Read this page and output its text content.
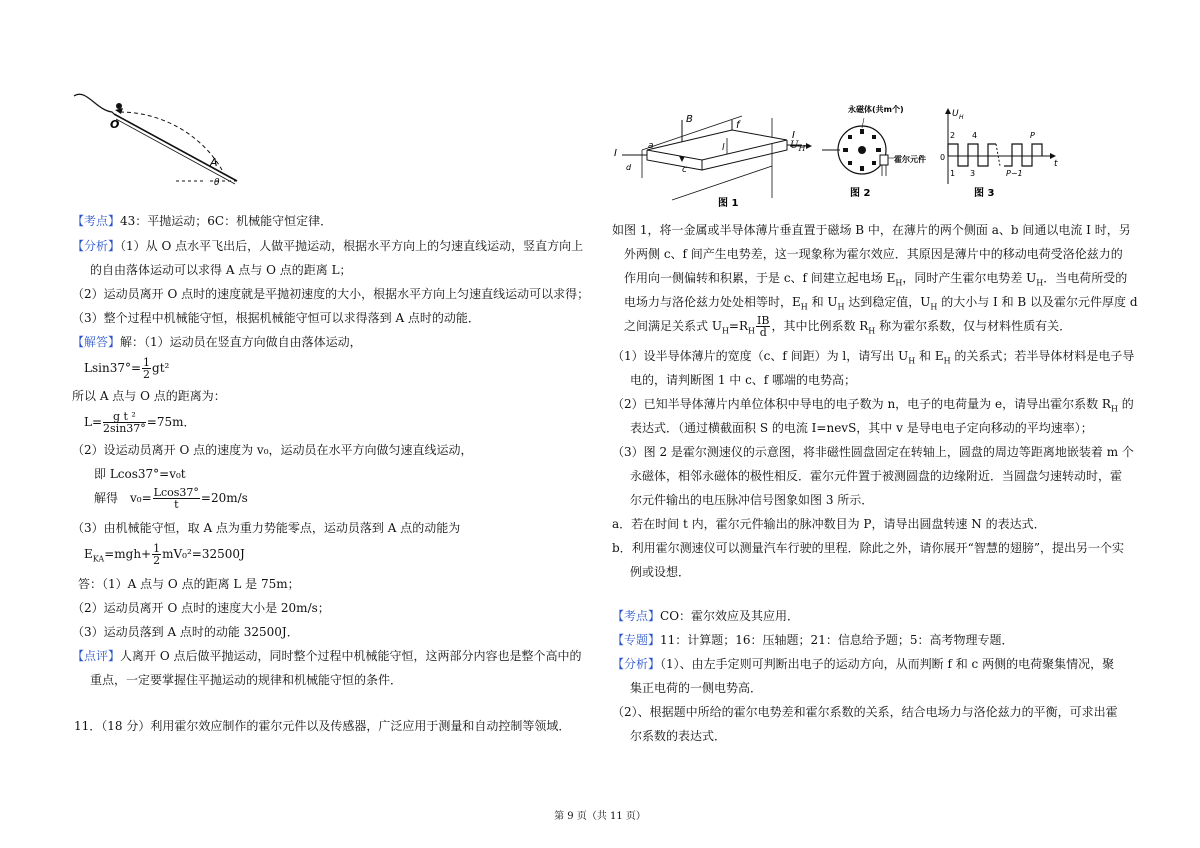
O
A
θ
【考点】43：平抛运动；6C：机械能守恒定律．
【分析】（1）从 O 点水平飞出后，人做平抛运动，根据水平方向上的匀速直线运动，竖直方向上
的自由落体运动可以求得 A 点与 O 点的距离 L；
（2）运动员离开 O 点时的速度就是平抛初速度的大小，根据水平方向上匀速直线运动可以求得；
（3）整个过程中机械能守恒，根据机械能守恒可以求得落到 A 点时的动能．
【解答】解：（1）运动员在竖直方向做自由落体运动，
$Lsin37^\circ= \frac{1}{2} gt^2$
所以 A 点与 O 点的距离为：
$L= \frac{\text{g t ²}}{2\sin 37^\circ} =75m$．
（2）设运动员离开 O 点的速度为 v₀，运动员在水平方向做匀速直线运动，
即 Lcos37°=v₀t
解得　$v_0= \frac{Lcos37^\circ}{t} =20m/s$
（3）由机械能守恒，取 A 点为重力势能零点，运动员落到 A 点的动能为
$E_{KA}=mgh+ \frac{1}{2} mV_0^2=32500J$
答：（1）A 点与 O 点的距离 L 是 75m；
（2）运动员离开 O 点时的速度大小是 20m/s；
（3）运动员落到 A 点时的动能 32500J．
【点评】人离开 O 点后做平抛运动，同时整个过程中机械能守恒，这两部分内容也是整个高中的
重点，一定要掌握住平抛运动的规律和机械能守恒的条件．
11．（18 分）利用霍尔效应制作的霍尔元件以及传感器，广泛应用于测量和自动控制等领域．
B
f
I
a	l
I
d	c
图 1
$U_H$
永磁体(共m个)
霍尔元件
图 2
U H
t
0
2 4	P
1 3	P−1
图 3
如图 1，将一金属或半导体薄片垂直置于磁场 B 中，在薄片的两个侧面 a、b 间通以电流 I 时，另
外两侧 c、f 间产生电势差，这一现象称为霍尔效应．其原因是薄片中的移动电荷受洛伦兹力的
作用向一侧偏转和积累，于是 c、f 间建立起电场 $E_H$，同时产生霍尔电势差 $U_H$．当电荷所受的
电场力与洛伦兹力处处相等时，$E_H$ 和 $U_H$ 达到稳定值，$U_H$ 的大小与 I 和 B 以及霍尔元件厚度 d
之间满足关系式 $U_H=R_H \frac{IB}{d}$ ，其中比例系数 $R_H$ 称为霍尔系数，仅与材料性质有关．
（1）设半导体薄片的宽度（c、f 间距）为 l，请写出 $U_H$ 和 $E_H$ 的关系式；若半导体材料是电子导
电的，请判断图 1 中 c、f 哪端的电势高；
（2）已知半导体薄片内单位体积中导电的电子数为 n，电子的电荷量为 e，请导出霍尔系数 $R_H$ 的
表达式．（通过横截面积 S 的电流 I=nevS，其中 v 是导电电子定向移动的平均速率）；
（3）图 2 是霍尔测速仪的示意图，将非磁性圆盘固定在转轴上，圆盘的周边等距离地嵌装着 m 个
永磁体，相邻永磁体的极性相反．霍尔元件置于被测圆盘的边缘附近．当圆盘匀速转动时，霍
尔元件输出的电压脉冲信号图象如图 3 所示．
a．若在时间 t 内，霍尔元件输出的脉冲数目为 P，请导出圆盘转速 N 的表达式．
b．利用霍尔测速仪可以测量汽车行驶的里程．除此之外，请你展开“智慧的翅膀”，提出另一个实
例或设想．
【考点】CO：霍尔效应及其应用．
【专题】11：计算题；16：压轴题；21：信息给予题；5：高考物理专题．
【分析】（1）、由左手定则可判断出电子的运动方向，从而判断 f 和 c 两侧的电荷聚集情况，聚
集正电荷的一侧电势高．
（2）、根据题中所给的霍尔电势差和霍尔系数的关系，结合电场力与洛伦兹力的平衡，可求出霍
尔系数的表达式．
第 9 页（共 11 页）
